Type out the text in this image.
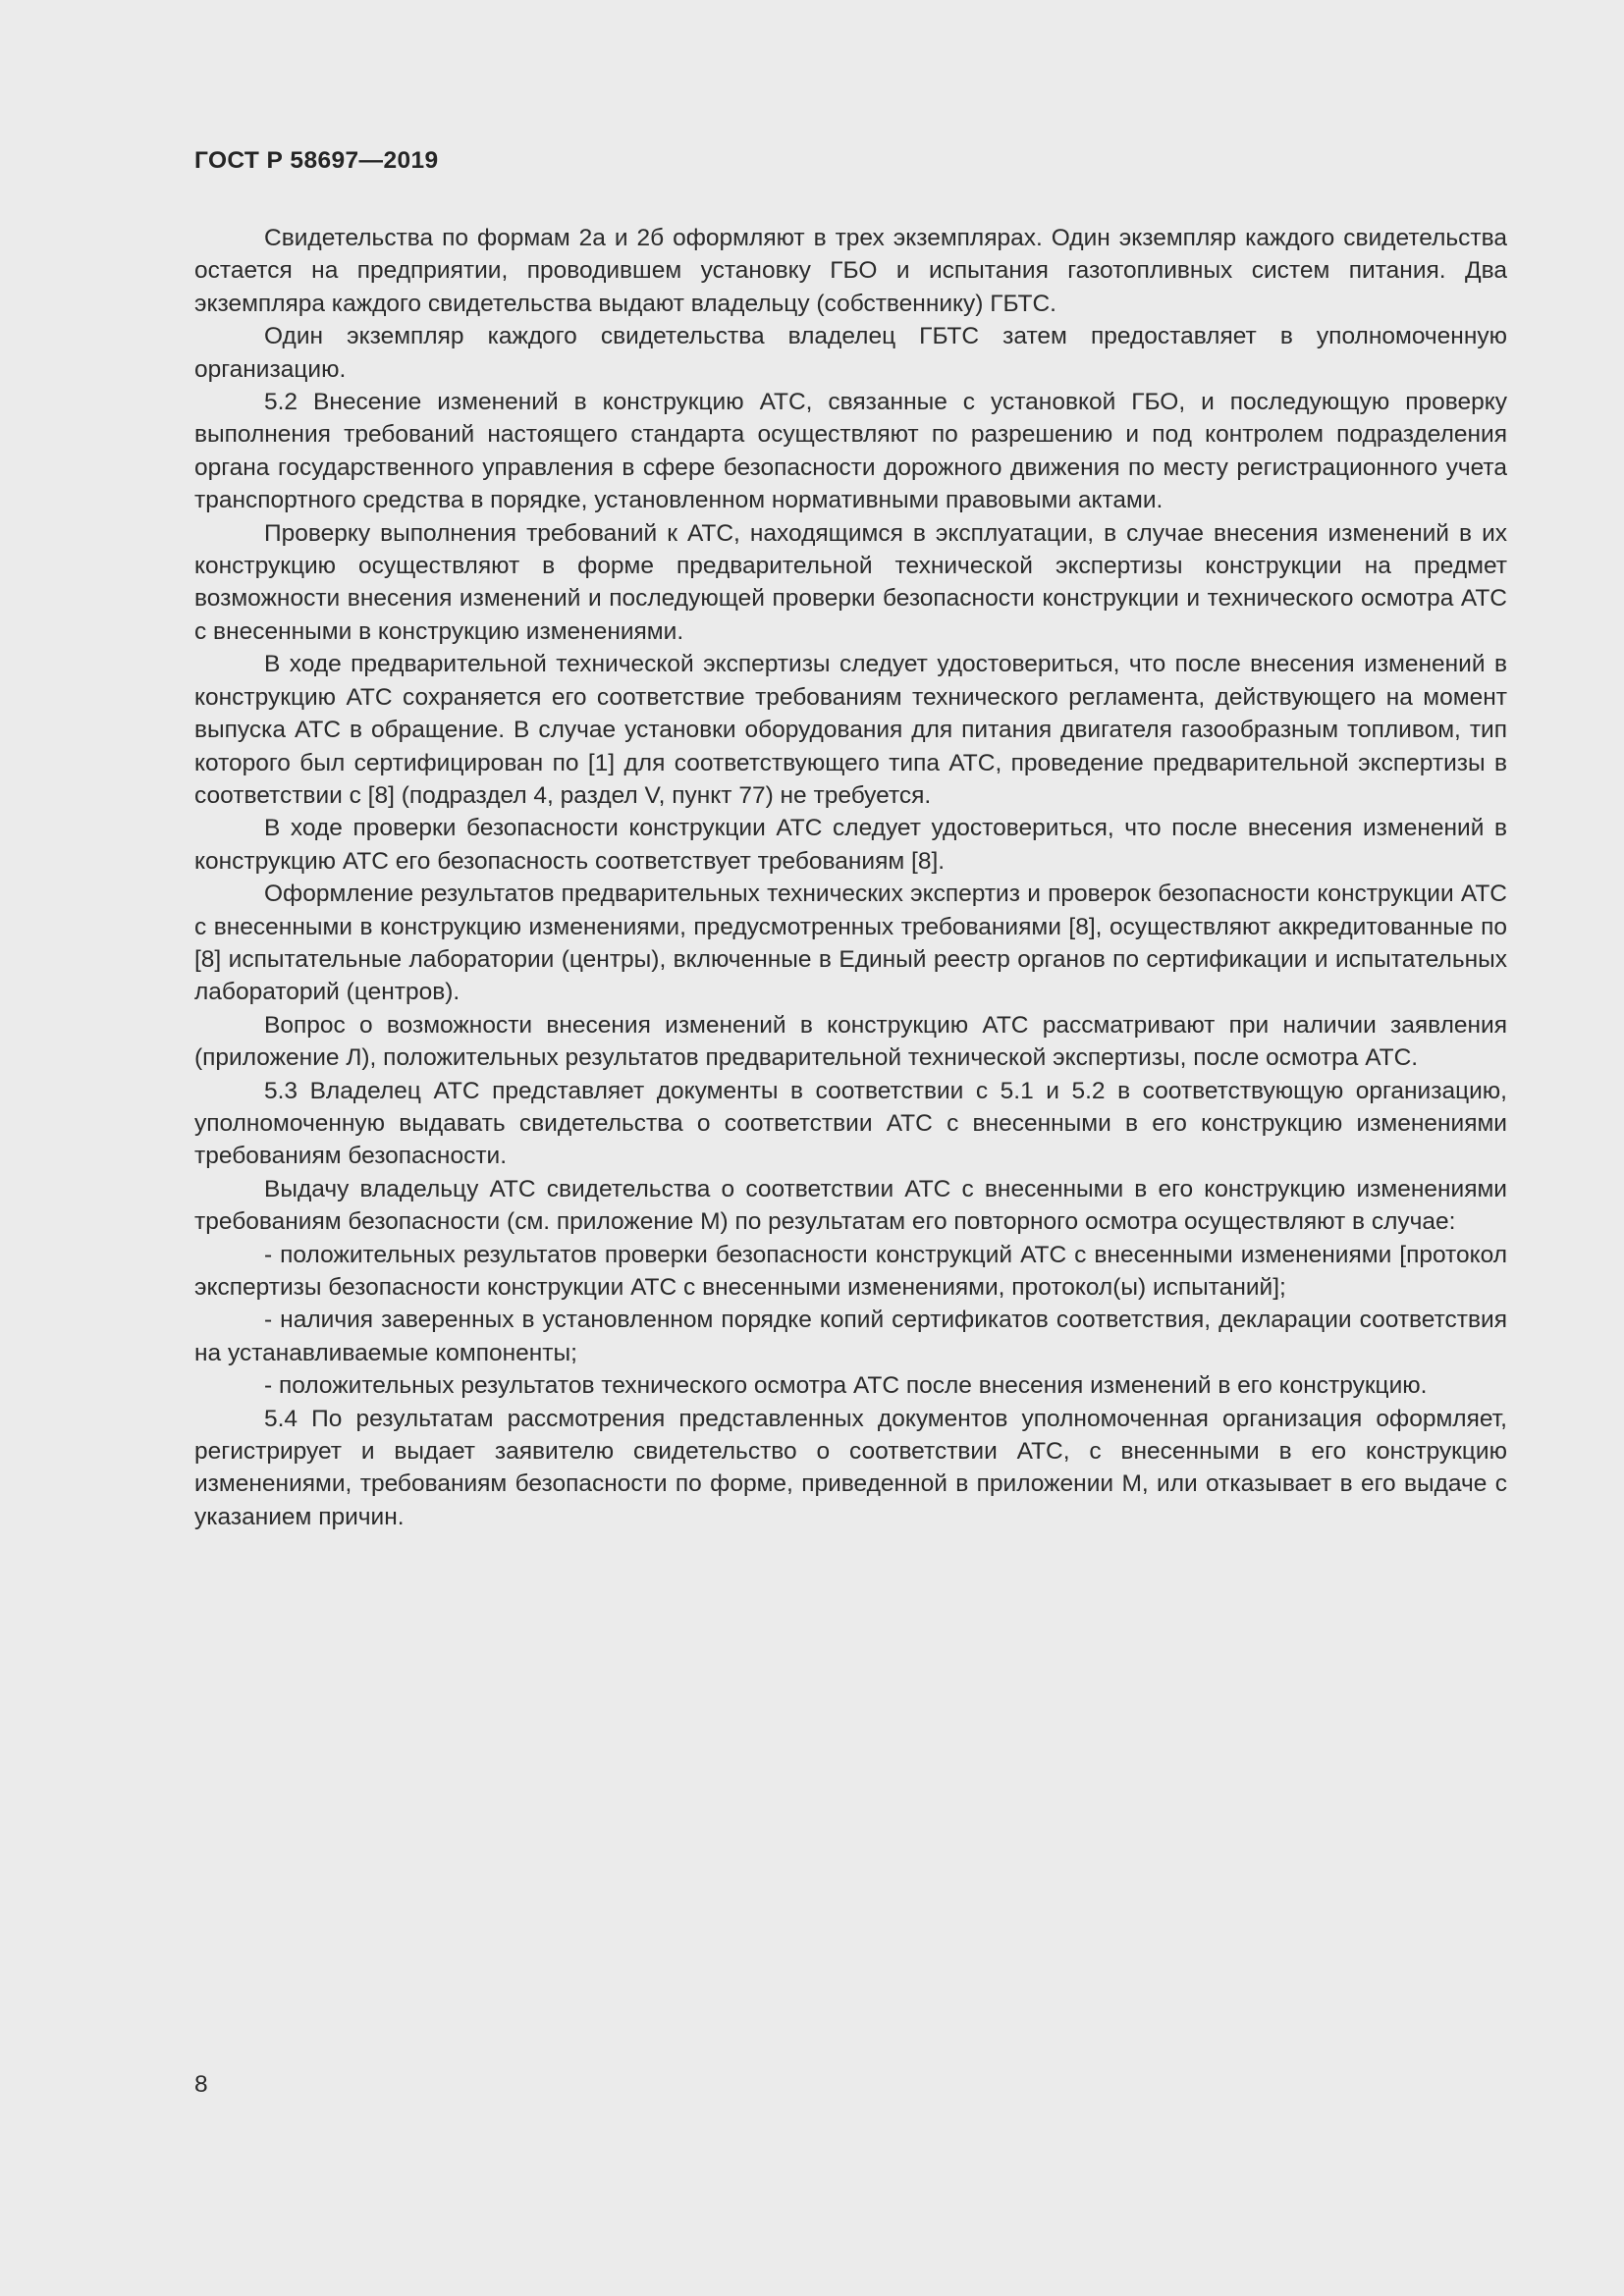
ГОСТ Р 58697—2019

Свидетельства по формам 2а и 2б оформляют в трех экземплярах. Один экземпляр каждого свидетельства остается на предприятии, проводившем установку ГБО и испытания газотопливных систем питания. Два экземпляра каждого свидетельства выдают владельцу (собственнику) ГБТС.

Один экземпляр каждого свидетельства владелец ГБТС затем предоставляет в уполномоченную организацию.

5.2 Внесение изменений в конструкцию АТС, связанные с установкой ГБО, и последующую проверку выполнения требований настоящего стандарта осуществляют по разрешению и под контролем подразделения органа государственного управления в сфере безопасности дорожного движения по месту регистрационного учета транспортного средства в порядке, установленном нормативными правовыми актами.

Проверку выполнения требований к АТС, находящимся в эксплуатации, в случае внесения изменений в их конструкцию осуществляют в форме предварительной технической экспертизы конструкции на предмет возможности внесения изменений и последующей проверки безопасности конструкции и технического осмотра АТС с внесенными в конструкцию изменениями.

В ходе предварительной технической экспертизы следует удостовериться, что после внесения изменений в конструкцию АТС сохраняется его соответствие требованиям технического регламента, действующего на момент выпуска АТС в обращение. В случае установки оборудования для питания двигателя газообразным топливом, тип которого был сертифицирован по [1] для соответствующего типа АТС, проведение предварительной экспертизы в соответствии с [8] (подраздел 4, раздел V, пункт 77) не требуется.

В ходе проверки безопасности конструкции АТС следует удостовериться, что после внесения изменений в конструкцию АТС его безопасность соответствует требованиям [8].

Оформление результатов предварительных технических экспертиз и проверок безопасности конструкции АТС с внесенными в конструкцию изменениями, предусмотренных требованиями [8], осуществляют аккредитованные по [8] испытательные лаборатории (центры), включенные в Единый реестр органов по сертификации и испытательных лабораторий (центров).

Вопрос о возможности внесения изменений в конструкцию АТС рассматривают при наличии заявления (приложение Л), положительных результатов предварительной технической экспертизы, после осмотра АТС.

5.3 Владелец АТС представляет документы в соответствии с 5.1 и 5.2 в соответствующую организацию, уполномоченную выдавать свидетельства о соответствии АТС с внесенными в его конструкцию изменениями требованиям безопасности.

Выдачу владельцу АТС свидетельства о соответствии АТС с внесенными в его конструкцию изменениями требованиям безопасности (см. приложение М) по результатам его повторного осмотра осуществляют в случае:

- положительных результатов проверки безопасности конструкций АТС с внесенными изменениями [протокол экспертизы безопасности конструкции АТС с внесенными изменениями, протокол(ы) испытаний];

- наличия заверенных в установленном порядке копий сертификатов соответствия, декларации соответствия на устанавливаемые компоненты;

- положительных результатов технического осмотра АТС после внесения изменений в его конструкцию.

5.4 По результатам рассмотрения представленных документов уполномоченная организация оформляет, регистрирует и выдает заявителю свидетельство о соответствии АТС, с внесенными в его конструкцию изменениями, требованиям безопасности по форме, приведенной в приложении М, или отказывает в его выдаче с указанием причин.

8
